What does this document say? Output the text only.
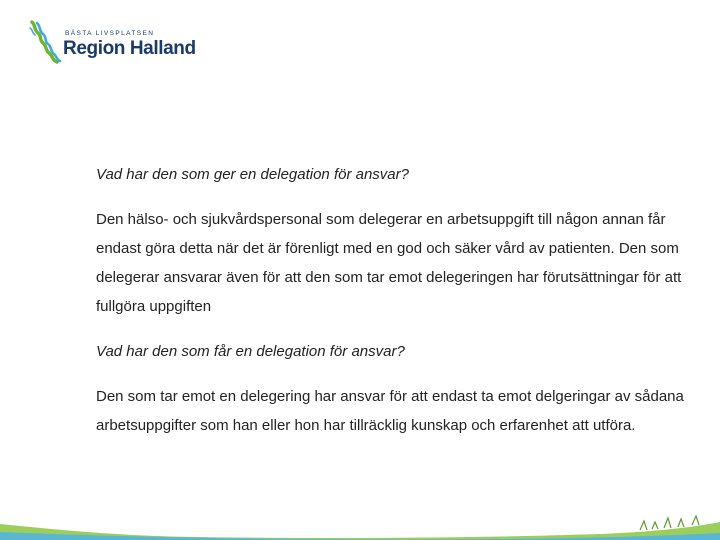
BÄSTA LIVSPLATSEN
Region Halland

Vad har den som ger en delegation för ansvar?

Den hälso- och sjukvårdspersonal som delegerar en arbetsuppgift till någon annan får endast göra detta när det är förenligt med en god och säker vård av patienten. Den som delegerar ansvarar även för att den som tar emot delegeringen har förutsättningar för att fullgöra uppgiften

Vad har den som får en delegation för ansvar?

Den som tar emot en delegering har ansvar för att endast ta emot delgeringar av sådana arbetsuppgifter som han eller hon har tillräcklig kunskap och erfarenhet att utföra.
